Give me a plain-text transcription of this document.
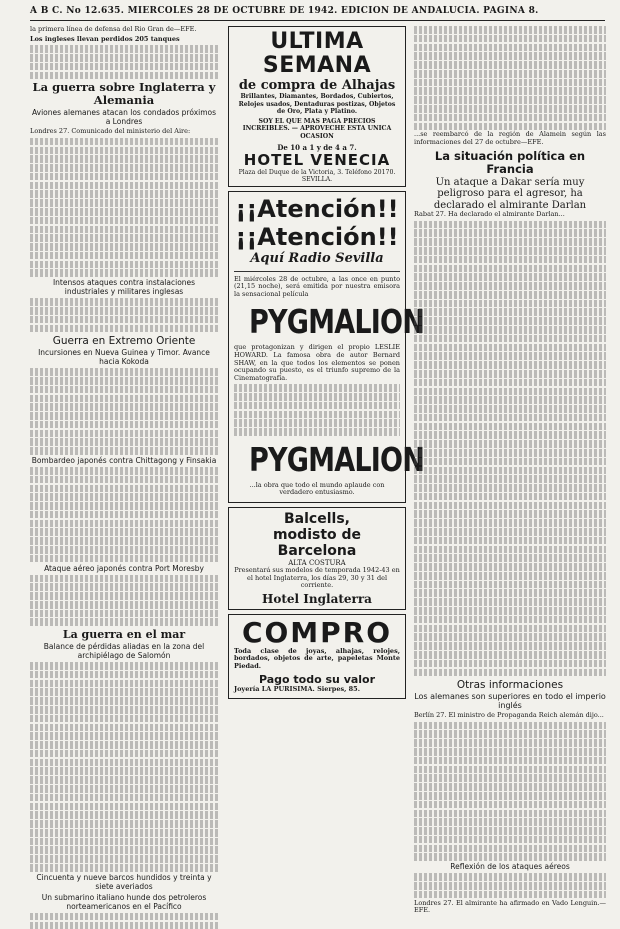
A B C. No 12.635. MIERCOLES 28 DE OCTUBRE DE 1942. EDICION DE ANDALUCIA. PAGINA 8.

la primera línea de defensa del Rio Gran de—EFE.

Los ingleses llevan perdidos 205 tanques

La guerra sobre Inglaterra y Alemania
Aviones alemanes atacan los condados próximos a Londres

Londres 27. Comunicado del ministerio del Aire:

Intensos ataques contra instalaciones industriales y militares inglesas
Guerra en Extremo Oriente
Incursiones en Nueva Guinea y Timor. Avance hacia Kokoda
Bombardeo japonés contra Chittagong y Finsakia
Ataque aéreo japonés contra Port Moresby
La guerra en el mar
Balance de pérdidas aliadas en la zona del archipiélago de Salomón
Cincuenta y nueve barcos hundidos y treinta y siete averiados
Un submarino italiano hunde dos petroleros norteamericanos en el Pacífico
ULTIMA SEMANA
de compra de Alhajas

Brillantes, Diamantes, Bordados, Cubiertos, Relojes usados, Dentaduras postizas, Objetos de Oro, Plata y Platino.

SOY EL QUE MAS PAGA PRECIOS INCREIBLES. — APROVECHE ESTA UNICA OCASION

De 10 a 1 y de 4 a 7.
HOTEL VENECIA
Plaza del Duque de la Victoria, 3. Teléfono 20170. SEVILLA.
¡¡Atención!!
¡¡Atención!!
Aquí Radio Sevilla

El miércoles 28 de octubre, a las once en punto (21,15 noche), será emitida por nuestra emisora la sensacional película

PYGMALION

que protagonizan y dirigen el propio LESLIE HOWARD. La famosa obra de autor Bernard SHAW, en la que todos los elementos se ponen ocupando su puesto, es el triunfo supremo de la Cinematografía.

PYGMALION

...la obra que todo el mundo aplaude con verdadero entusiasmo.

Balcells,
modisto de Barcelona
ALTA COSTURA

Presentará sus modelos de temporada 1942-43 en el hotel Inglaterra, los días 29, 30 y 31 del corriente.

Hotel Inglaterra
COMPRO

Toda clase de joyas, alhajas, relojes, bordados, objetos de arte, papeletas Monte Piedad.

Pago todo su valor
Joyería LA PURISIMA. Sierpes, 85.

...se reembarcó de la región de Alamein según las informaciones del 27 de octubre—EFE.

La situación política en Francia
Un ataque a Dakar sería muy peligroso para el agresor, ha declarado el almirante Darlan

Rabat 27. Ha declarado el almirante Darlan...

Otras informaciones
Los alemanes son superiores en todo el imperio inglés

Berlín 27. El ministro de Propaganda Reich alemán dijo...

Reflexión de los ataques aéreos

Londres 27. El almirante ha afirmado en Vado Lenguin.—EFE.
